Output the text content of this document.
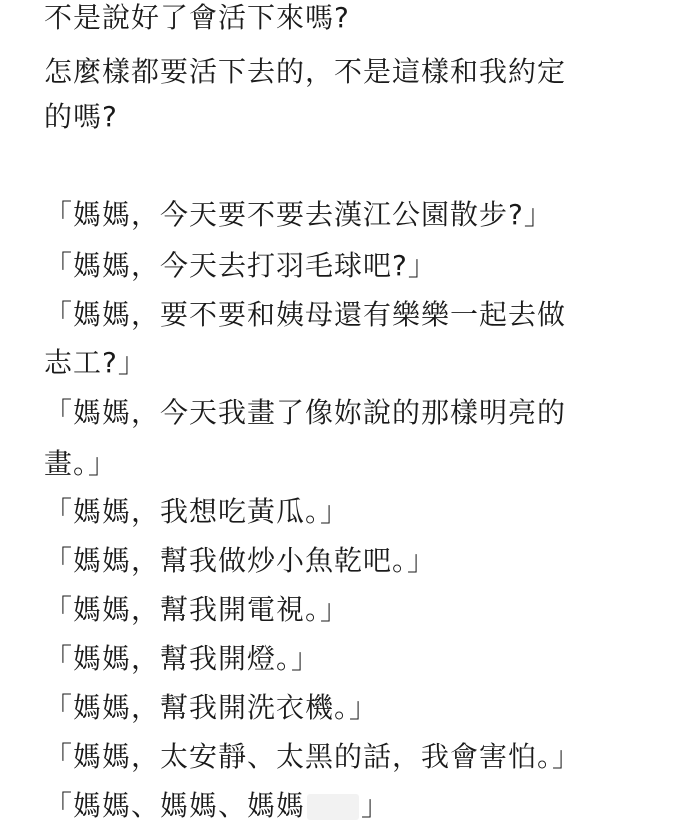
不是說好了會活下來嗎?
怎麼樣都要活下去的，不是這樣和我約定
的嗎?
「媽媽，今天要不要去漢江公園散步?」
「媽媽，今天去打羽毛球吧?」
「媽媽，要不要和姨母還有樂樂一起去做
志工?」
「媽媽，今天我畫了像妳說的那樣明亮的
畫。」
「媽媽，我想吃黃瓜。」
「媽媽，幫我做炒小魚乾吧。」
「媽媽，幫我開電視。」
「媽媽，幫我開燈。」
「媽媽，幫我開洗衣機。」
「媽媽，太安靜、太黑的話，我會害怕。」
「媽媽、媽媽、媽媽 」
